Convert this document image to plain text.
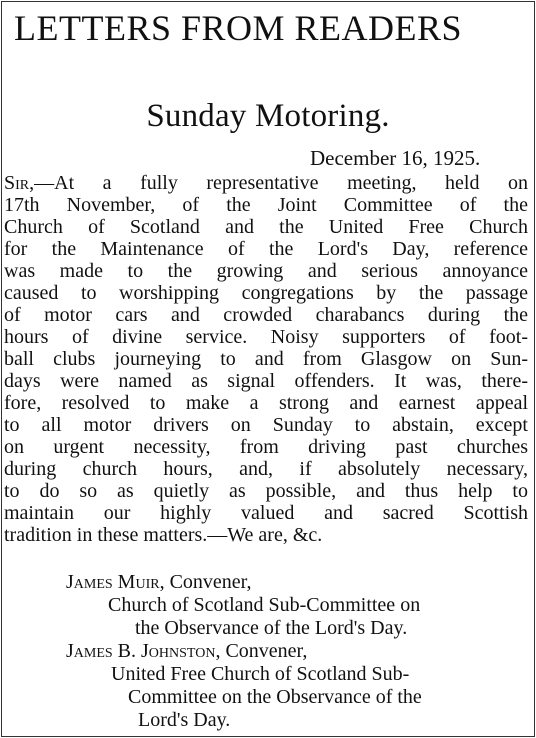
LETTERS FROM READERS
Sunday Motoring.
December 16, 1925.
Sir,—At a fully representative meeting, held on
17th November, of the Joint Committee of the
Church of Scotland and the United Free Church
for the Maintenance of the Lord's Day, reference
was made to the growing and serious annoyance
caused to worshipping congregations by the passage
of motor cars and crowded charabancs during the
hours of divine service. Noisy supporters of foot-
ball clubs journeying to and from Glasgow on Sun-
days were named as signal offenders. It was, there-
fore, resolved to make a strong and earnest appeal
to all motor drivers on Sunday to abstain, except
on urgent necessity, from driving past churches
during church hours, and, if absolutely necessary,
to do so as quietly as possible, and thus help to
maintain our highly valued and sacred Scottish
tradition in these matters.—We are, &c.
James Muir, Convener,
Church of Scotland Sub-Committee on
the Observance of the Lord's Day.
James B. Johnston, Convener,
United Free Church of Scotland Sub-
Committee on the Observance of the
Lord's Day.
